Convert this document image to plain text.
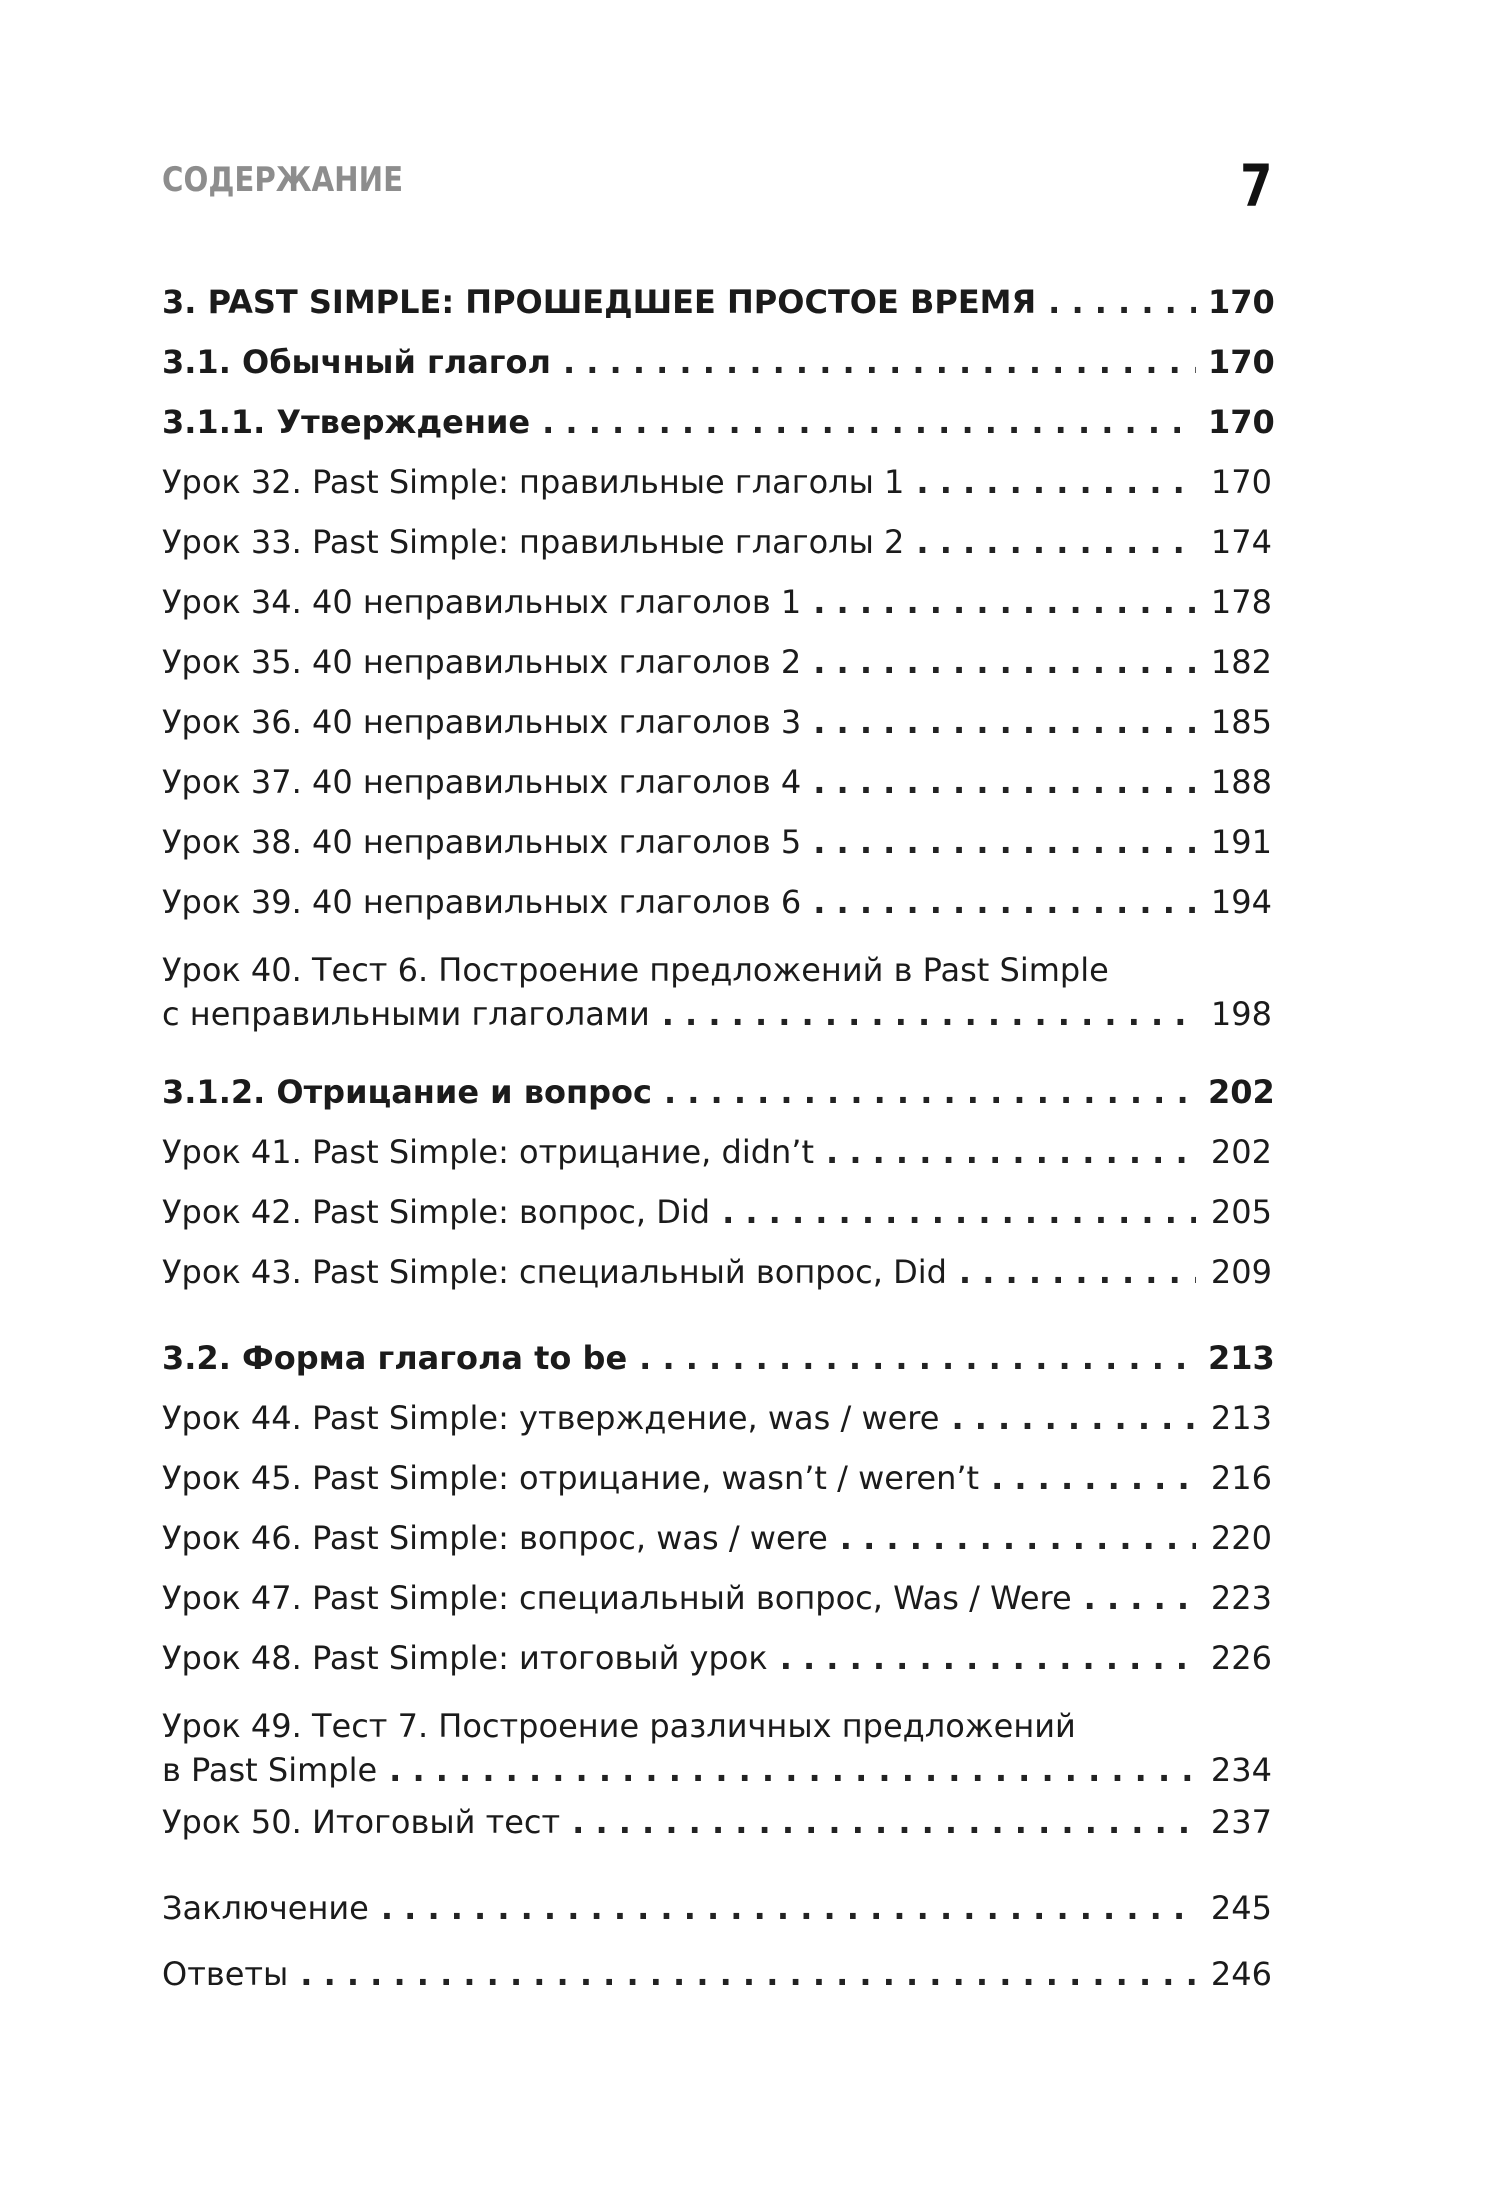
СОДЕРЖАНИЕ	7
3. PAST SIMPLE: ПРОШЕДШЕЕ ПРОСТОЕ ВРЕМЯ . . .	170
3.1. Обычный глагол . . .	170
3.1.1. Утверждение . . .	170
Урок 32. Past Simple: правильные глаголы 1 . . .	170
Урок 33. Past Simple: правильные глаголы 2 . . .	174
Урок 34. 40 неправильных глаголов 1 . . .	178
Урок 35. 40 неправильных глаголов 2 . . .	182
Урок 36. 40 неправильных глаголов 3 . . .	185
Урок 37. 40 неправильных глаголов 4 . . .	188
Урок 38. 40 неправильных глаголов 5 . . .	191
Урок 39. 40 неправильных глаголов 6 . . .	194
Урок 40. Тест 6. Построение предложений в Past Simple
с неправильными глаголами . . .	198
3.1.2. Отрицание и вопрос . . .	202
Урок 41. Past Simple: отрицание, didn’t . . .	202
Урок 42. Past Simple: вопрос, Did . . .	205
Урок 43. Past Simple: специальный вопрос, Did . . .	209
3.2. Форма глагола to be . . .	213
Урок 44. Past Simple: утверждение, was / were . . .	213
Урок 45. Past Simple: отрицание, wasn’t / weren’t . . .	216
Урок 46. Past Simple: вопрос, was / were . . .	220
Урок 47. Past Simple: специальный вопрос, Was / Were . . .	223
Урок 48. Past Simple: итоговый урок . . .	226
Урок 49. Тест 7. Построение различных предложений
в Past Simple . . .	234
Урок 50. Итоговый тест . . .	237
Заключение . . .	245
Ответы . . .	246
